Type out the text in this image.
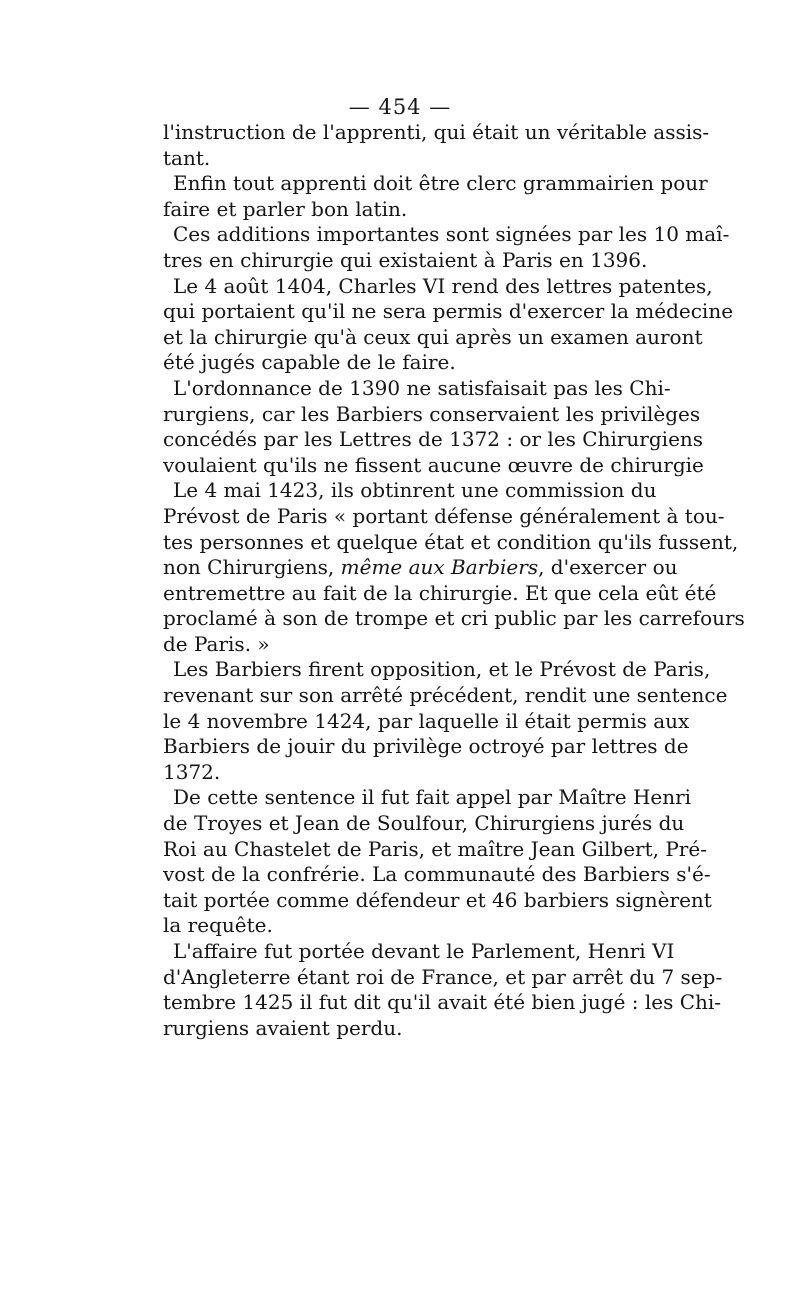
— 454 —

l'instruction de l'apprenti, qui était un véritable assis-
tant.

Enfin tout apprenti doit être clerc grammairien pour
faire et parler bon latin.

Ces additions importantes sont signées par les 10 maî-
tres en chirurgie qui existaient à Paris en 1396.

Le 4 août 1404, Charles VI rend des lettres patentes,
qui portaient qu'il ne sera permis d'exercer la médecine
et la chirurgie qu'à ceux qui après un examen auront
été jugés capable de le faire.

L'ordonnance de 1390 ne satisfaisait pas les Chi-
rurgiens, car les Barbiers conservaient les privilèges
concédés par les Lettres de 1372 : or les Chirurgiens
voulaient qu'ils ne fissent aucune œuvre de chirurgie

Le 4 mai 1423, ils obtinrent une commission du
Prévost de Paris « portant défense généralement à tou-
tes personnes et quelque état et condition qu'ils fussent,
non Chirurgiens, même aux Barbiers, d'exercer ou
entremettre au fait de la chirurgie. Et que cela eût été
proclamé à son de trompe et cri public par les carrefours
de Paris. »

Les Barbiers firent opposition, et le Prévost de Paris,
revenant sur son arrêté précédent, rendit une sentence
le 4 novembre 1424, par laquelle il était permis aux
Barbiers de jouir du privilège octroyé par lettres de
1372.

De cette sentence il fut fait appel par Maître Henri
de Troyes et Jean de Soulfour, Chirurgiens jurés du
Roi au Chastelet de Paris, et maître Jean Gilbert, Pré-
vost de la confrérie. La communauté des Barbiers s'é-
tait portée comme défendeur et 46 barbiers signèrent
la requête.

L'affaire fut portée devant le Parlement, Henri VI
d'Angleterre étant roi de France, et par arrêt du 7 sep-
tembre 1425 il fut dit qu'il avait été bien jugé : les Chi-
rurgiens avaient perdu.
